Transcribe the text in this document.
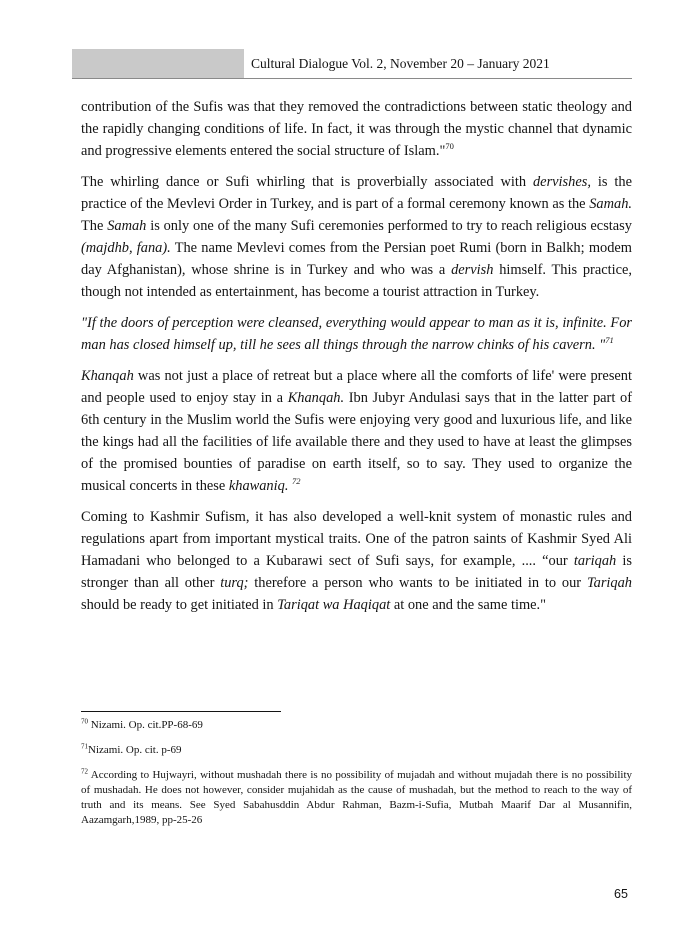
Cultural Dialogue Vol. 2, November 20 – January 2021

contribution of the Sufis was that they removed the contradictions between static theology and the rapidly changing conditions of life. In fact, it was through the mystic channel that dynamic and progressive elements entered the social structure of Islam."$^{70}$

The whirling dance or Sufi whirling that is proverbially associated with dervishes, is the practice of the Mevlevi Order in Turkey, and is part of a formal ceremony known as the Samah. The Samah is only one of the many Sufi ceremonies performed to try to reach religious ecstasy (majdhb, fana). The name Mevlevi comes from the Persian poet Rumi (born in Balkh; modem day Afghanistan), whose shrine is in Turkey and who was a dervish himself. This practice, though not intended as entertainment, has become a tourist attraction in Turkey.

"If the doors of perception were cleansed, everything would appear to man as it is, infinite. For man has closed himself up, till he sees all things through the narrow chinks of his cavern. "$^{71}$

Khanqah was not just a place of retreat but a place where all the comforts of life' were present and people used to enjoy stay in a Khanqah. Ibn Jubyr Andulasi says that in the latter part of 6th century in the Muslim world the Sufis were enjoying very good and luxurious life, and like the kings had all the facilities of life available there and they used to have at least the glimpses of the promised bounties of paradise on earth itself, so to say. They used to organize the musical concerts in these khawaniq. $^{72}$

Coming to Kashmir Sufism, it has also developed a well-knit system of monastic rules and regulations apart from important mystical traits. One of the patron saints of Kashmir Syed Ali Hamadani who belonged to a Kubarawi sect of Sufi says, for example, .... “our tariqah is stronger than all other turq; therefore a person who wants to be initiated in to our Tariqah should be ready to get initiated in Tariqat wa Haqiqat at one and the same time."

$^{70}$ Nizami. Op. cit.PP-68-69

$^{71}$Nizami. Op. cit. p-69

$^{72}$ According to Hujwayri, without mushadah there is no possibility of mujadah and without mujadah there is no possibility of mushadah. He does not however, consider mujahidah as the cause of mushadah, but the method to reach to the way of truth and its means. See Syed Sabahusddin Abdur Rahman, Bazm-i-Sufia, Mutbah Maarif Dar al Musannifin, Aazamgarh,1989, pp-25-26

65
